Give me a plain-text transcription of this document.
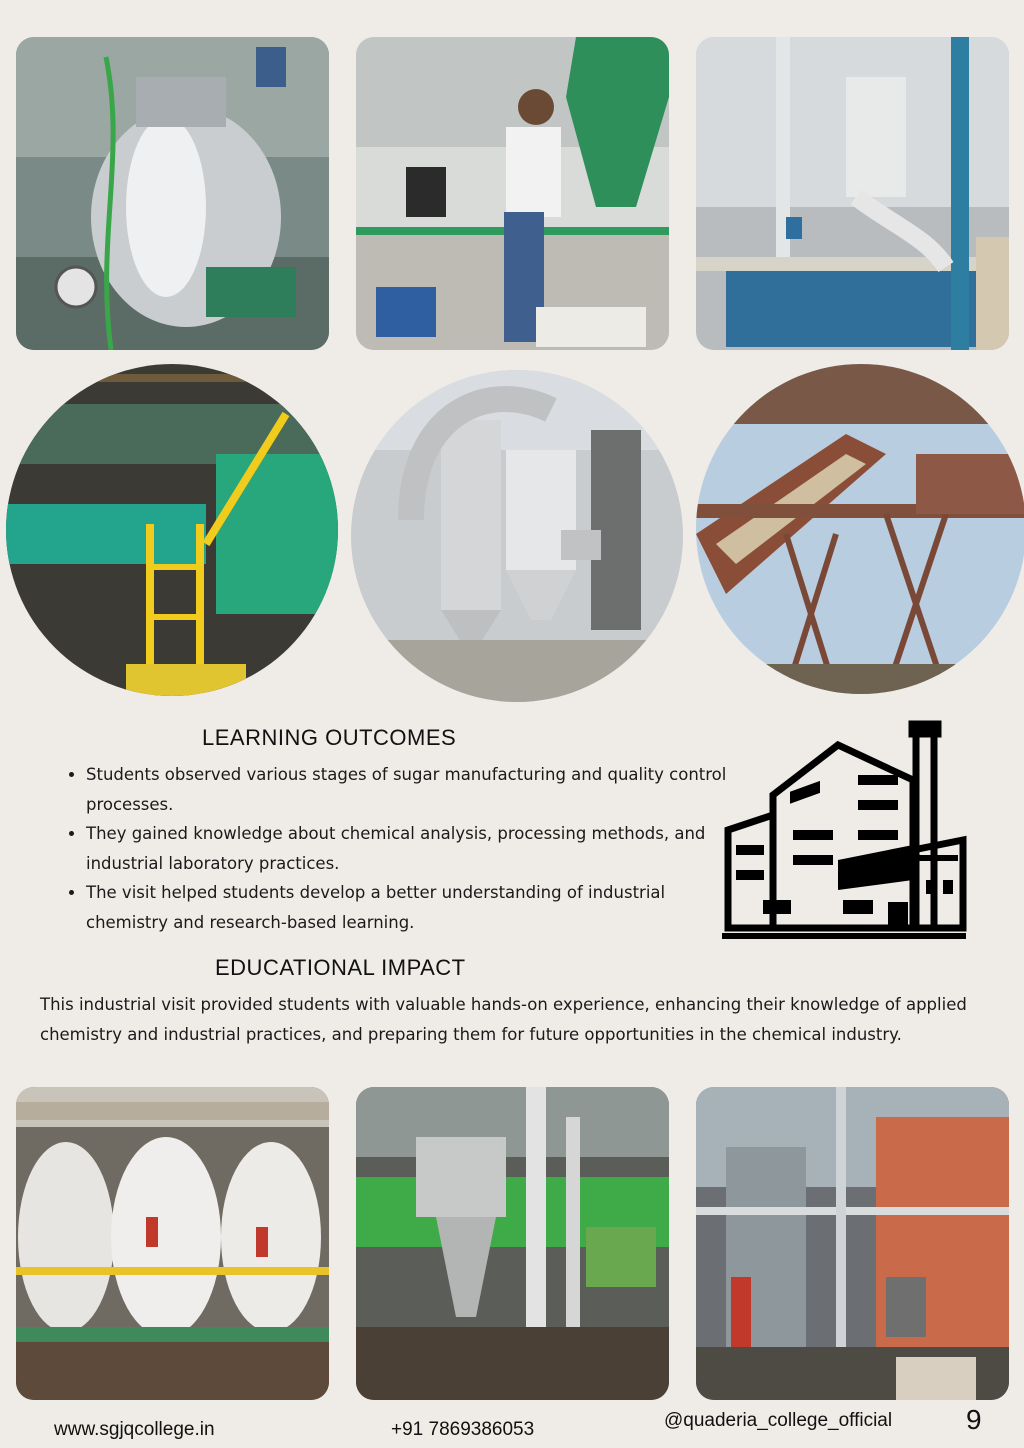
LEARNING OUTCOMES
• Students observed various stages of sugar manufacturing and quality control processes.
• They gained knowledge about chemical analysis, processing methods, and industrial laboratory practices.
• The visit helped students develop a better understanding of industrial chemistry and research-based learning.
EDUCATIONAL IMPACT

This industrial visit provided students with valuable hands-on experience, enhancing their knowledge of applied chemistry and industrial practices, and preparing them for future opportunities in the chemical industry.

www.sgjqcollege.in	+91 7869386053	@quaderia_college_official	9
